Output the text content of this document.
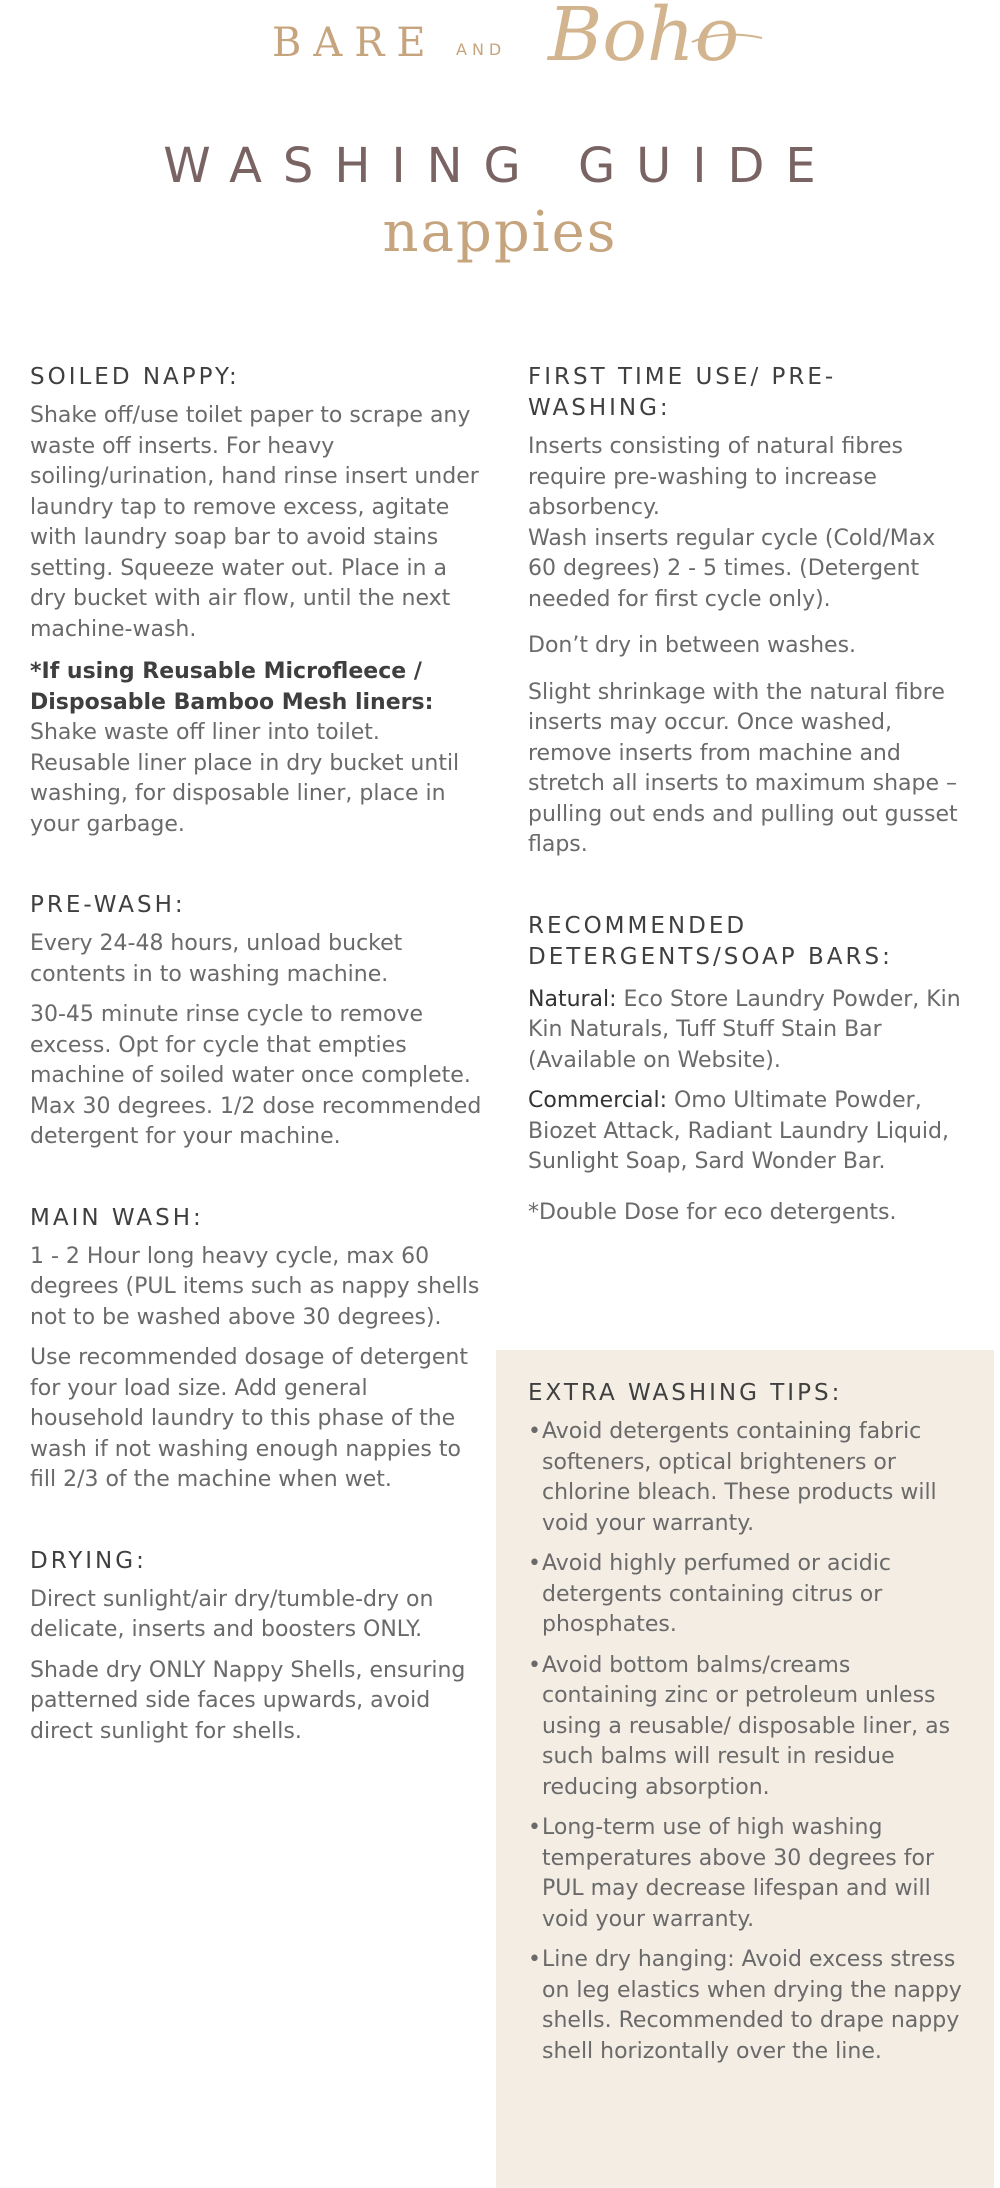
BARE AND Boho
WASHING GUIDE
nappies
SOILED NAPPY:

Shake off/use toilet paper to scrape any waste off inserts. For heavy soiling/urination, hand rinse insert under laundry tap to remove excess, agitate with laundry soap bar to avoid stains setting. Squeeze water out. Place in a dry bucket with air flow, until the next machine-wash.

*If using Reusable Microfleece / Disposable Bamboo Mesh liners:

Shake waste off liner into toilet. Reusable liner place in dry bucket until washing, for disposable liner, place in your garbage.

PRE-WASH:

Every 24-48 hours, unload bucket contents in to washing machine.

30-45 minute rinse cycle to remove excess. Opt for cycle that empties machine of soiled water once complete. Max 30 degrees. 1/2 dose recommended detergent for your machine.

MAIN WASH:

1 - 2 Hour long heavy cycle, max 60 degrees (PUL items such as nappy shells not to be washed above 30 degrees).

Use recommended dosage of detergent for your load size. Add general household laundry to this phase of the wash if not washing enough nappies to fill 2/3 of the machine when wet.

DRYING:

Direct sunlight/air dry/tumble-dry on delicate, inserts and boosters ONLY.

Shade dry ONLY Nappy Shells, ensuring patterned side faces upwards, avoid direct sunlight for shells.

FIRST TIME USE/ PRE-WASHING:

Inserts consisting of natural fibres require pre-washing to increase absorbency.

Wash inserts regular cycle (Cold/Max 60 degrees) 2 - 5 times. (Detergent needed for first cycle only).

Don’t dry in between washes.

Slight shrinkage with the natural fibre inserts may occur. Once washed, remove inserts from machine and stretch all inserts to maximum shape – pulling out ends and pulling out gusset flaps.

RECOMMENDED DETERGENTS/SOAP BARS:

Natural: Eco Store Laundry Powder, Kin Kin Naturals, Tuff Stuff Stain Bar (Available on Website).

Commercial: Omo Ultimate Powder, Biozet Attack, Radiant Laundry Liquid, Sunlight Soap, Sard Wonder Bar.

*Double Dose for eco detergents.

EXTRA WASHING TIPS:
• Avoid detergents containing fabric softeners, optical brighteners or chlorine bleach. These products will void your warranty.

• Avoid highly perfumed or acidic detergents containing citrus or phosphates.

• Avoid bottom balms/creams containing zinc or petroleum unless using a reusable/ disposable liner, as such balms will result in residue reducing absorption.

• Long-term use of high washing temperatures above 30 degrees for PUL may decrease lifespan and will void your warranty.

• Line dry hanging: Avoid excess stress on leg elastics when drying the nappy shells. Recommended to drape nappy shell horizontally over the line.
